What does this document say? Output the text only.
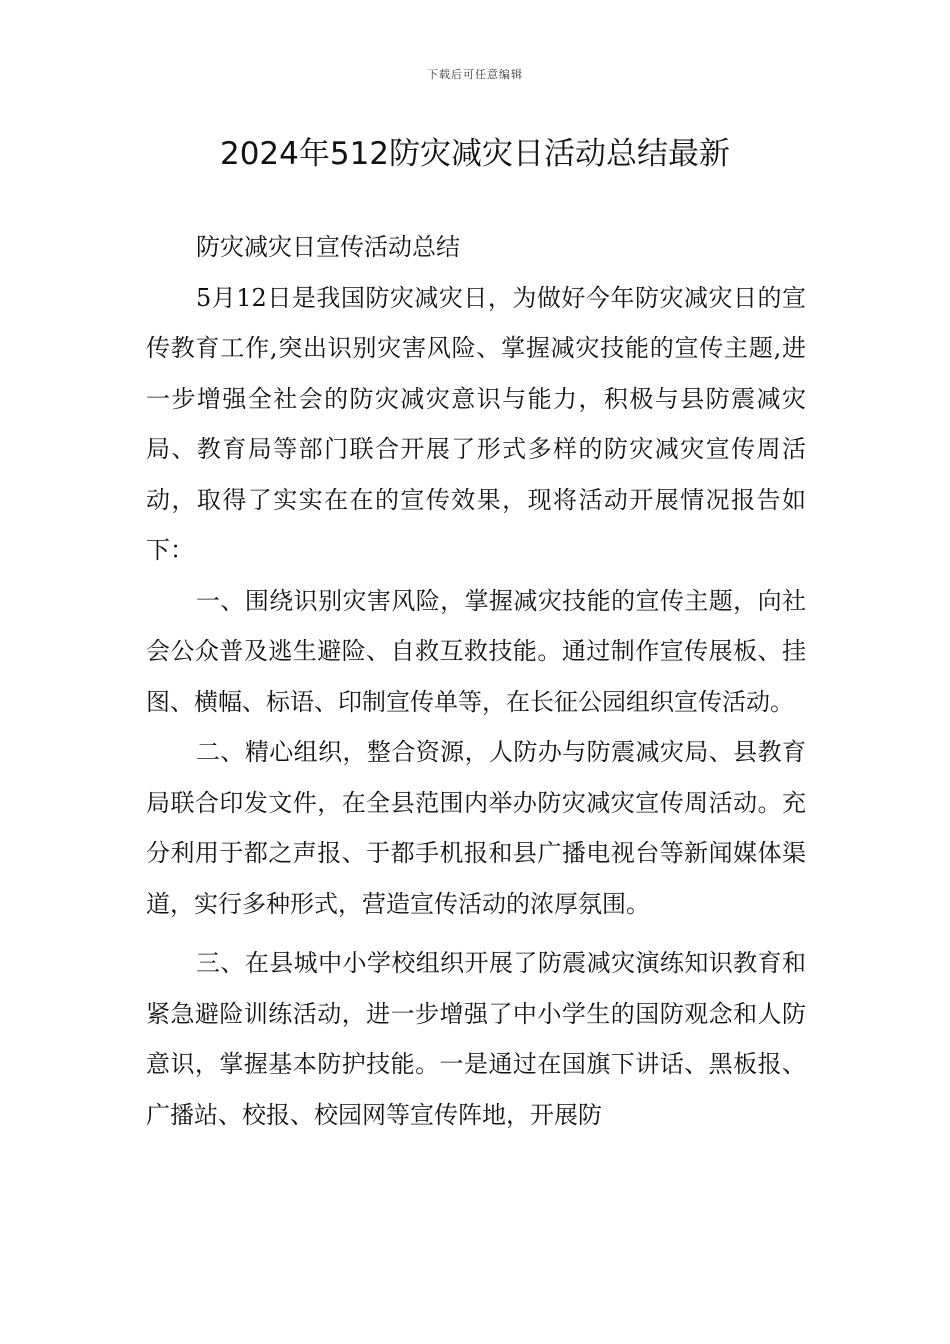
下载后可任意编辑
2024年512防灾减灾日活动总结最新

防灾减灾日宣传活动总结

5月12日是我国防灾减灾日，为做好今年防灾减灾日的宣传教育工作,突出识别灾害风险、掌握减灾技能的宣传主题,进一步增强全社会的防灾减灾意识与能力，积极与县防震减灾局、教育局等部门联合开展了形式多样的防灾减灾宣传周活动，取得了实实在在的宣传效果，现将活动开展情况报告如下：

一、围绕识别灾害风险，掌握减灾技能的宣传主题，向社会公众普及逃生避险、自救互救技能。通过制作宣传展板、挂图、横幅、标语、印制宣传单等，在长征公园组织宣传活动。

二、精心组织，整合资源，人防办与防震减灾局、县教育局联合印发文件，在全县范围内举办防灾减灾宣传周活动。充分利用于都之声报、于都手机报和县广播电视台等新闻媒体渠道，实行多种形式，营造宣传活动的浓厚氛围。

三、在县城中小学校组织开展了防震减灾演练知识教育和紧急避险训练活动，进一步增强了中小学生的国防观念和人防意识，掌握基本防护技能。一是通过在国旗下讲话、黑板报、广播站、校报、校园网等宣传阵地，开展防
